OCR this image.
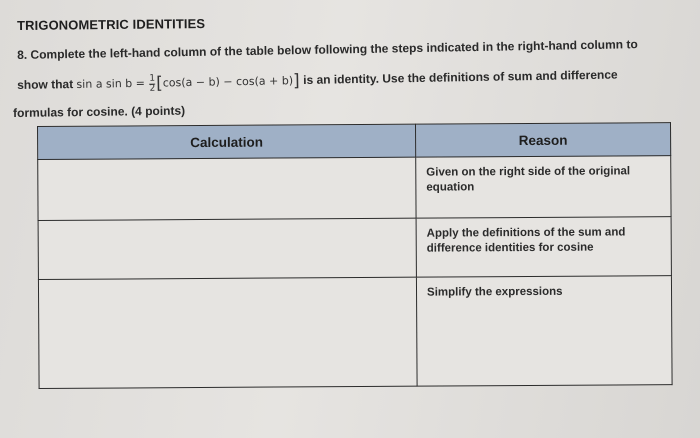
TRIGONOMETRIC IDENTITIES
8. Complete the left-hand column of the table below following the steps indicated in the right-hand column to
show that sin a $\sin b = \frac{1}{2} [\cos(a - b) - \cos(a + b)]$ is an identity. Use the definitions of sum and difference
formulas for cosine. (4 points)
Calculation	Reason
	Given on the right side of the original equation
	Apply the definitions of the sum and difference identities for cosine
	Simplify the expressions
